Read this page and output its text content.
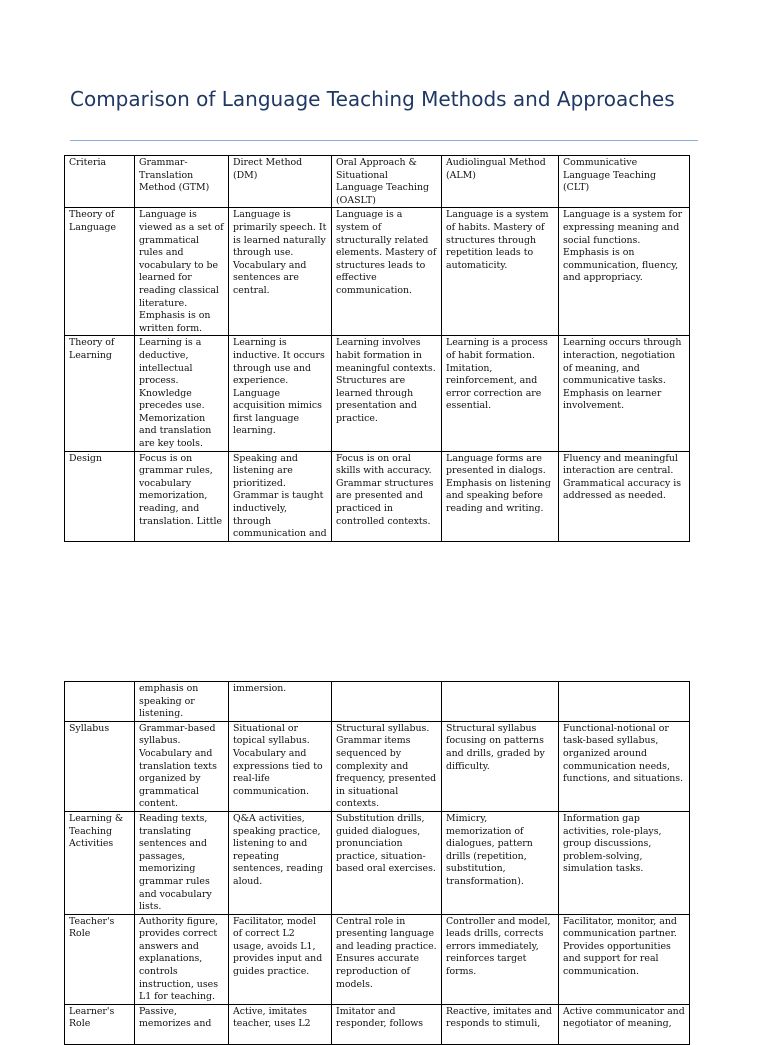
Comparison of Language Teaching Methods and Approaches
Criteria	Grammar-Translation Method (GTM)	Direct Method (DM)	Oral Approach & Situational Language Teaching (OASLT)	Audiolingual Method (ALM)	Communicative Language Teaching (CLT)
Theory of Language	Language is viewed as a set of grammatical rules and vocabulary to be learned for reading classical literature. Emphasis is on written form.	Language is primarily speech. It is learned naturally through use. Vocabulary and sentences are central.	Language is a system of structurally related elements. Mastery of structures leads to effective communication.	Language is a system of habits. Mastery of structures through repetition leads to automaticity.	Language is a system for expressing meaning and social functions. Emphasis is on communication, fluency, and appropriacy.
Theory of Learning	Learning is a deductive, intellectual process. Knowledge precedes use. Memorization and translation are key tools.	Learning is inductive. It occurs through use and experience. Language acquisition mimics first language learning.	Learning involves habit formation in meaningful contexts. Structures are learned through presentation and practice.	Learning is a process of habit formation. Imitation, reinforcement, and error correction are essential.	Learning occurs through interaction, negotiation of meaning, and communicative tasks. Emphasis on learner involvement.
Design	Focus is on grammar rules, vocabulary memorization, reading, and translation. Little	Speaking and listening are prioritized. Grammar is taught inductively, through communication and	Focus is on oral skills with accuracy. Grammar structures are presented and practiced in controlled contexts.	Language forms are presented in dialogs. Emphasis on listening and speaking before reading and writing.	Fluency and meaningful interaction are central. Grammatical accuracy is addressed as needed.
	emphasis on speaking or listening.	immersion.			
Syllabus	Grammar-based syllabus. Vocabulary and translation texts organized by grammatical content.	Situational or topical syllabus. Vocabulary and expressions tied to real-life communication.	Structural syllabus. Grammar items sequenced by complexity and frequency, presented in situational contexts.	Structural syllabus focusing on patterns and drills, graded by difficulty.	Functional-notional or task-based syllabus, organized around communication needs, functions, and situations.
Learning & Teaching Activities	Reading texts, translating sentences and passages, memorizing grammar rules and vocabulary lists.	Q&A activities, speaking practice, listening to and repeating sentences, reading aloud.	Substitution drills, guided dialogues, pronunciation practice, situation-based oral exercises.	Mimicry, memorization of dialogues, pattern drills (repetition, substitution, transformation).	Information gap activities, role-plays, group discussions, problem-solving, simulation tasks.
Teacher's Role	Authority figure, provides correct answers and explanations, controls instruction, uses L1 for teaching.	Facilitator, model of correct L2 usage, avoids L1, provides input and guides practice.	Central role in presenting language and leading practice. Ensures accurate reproduction of models.	Controller and model, leads drills, corrects errors immediately, reinforces target forms.	Facilitator, monitor, and communication partner. Provides opportunities and support for real communication.
Learner's Role	Passive, memorizes and	Active, imitates teacher, uses L2	Imitator and responder, follows	Reactive, imitates and responds to stimuli,	Active communicator and negotiator of meaning,
